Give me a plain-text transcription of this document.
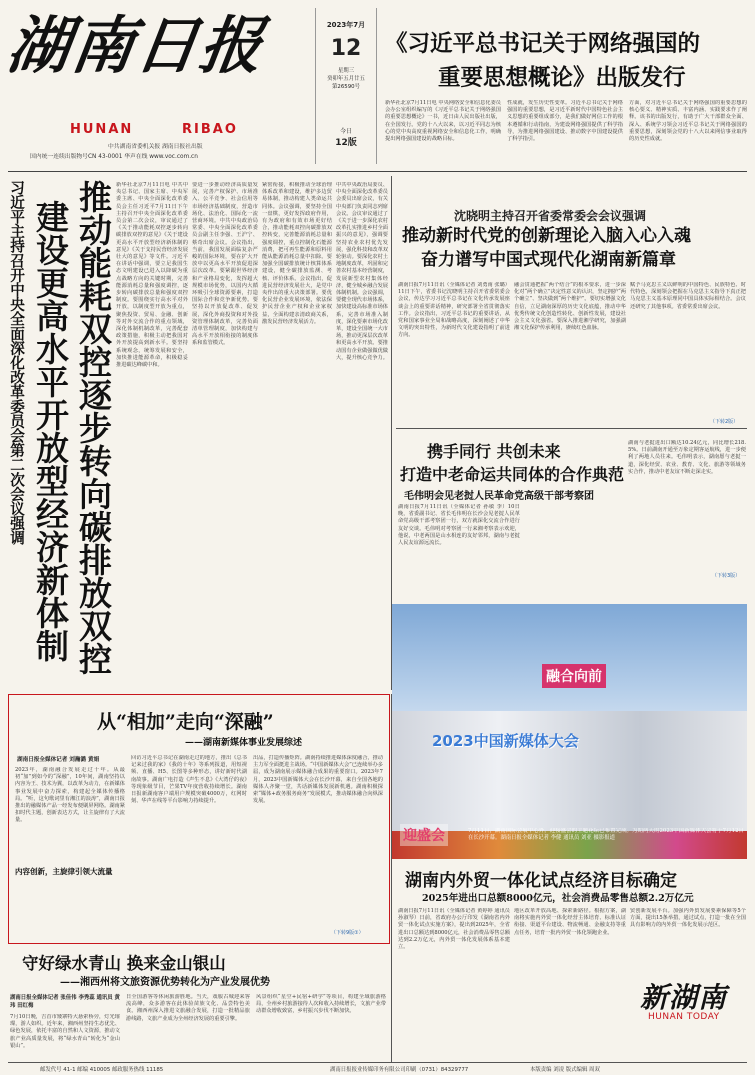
湖南日报
HUNAN	RIBAO
中共湖南省委机关报 湖南日报社出版
国内统一连续出版物号CN 43-0001 华声在线 www.voc.com.cn
2023年7月
12
星期三
癸卯年五月廿五
第26590号
今日
12版
《习近平总书记关于网络强国的
重要思想概论》出版发行
新华社北京7月11日电 中央网络安全和信息化委员会办公室组织编写的《习近平总书记关于网络强国的重要思想概论》一书，近日由人民出版社出版，在全国发行。党的十八大以来，以习近平同志为核心的党中央高度重视网络安全和信息化工作，明确提出网络强国建设的战略目标。
性成就，发生历史性变革。习近平总书记关于网络强国的重要思想，是习近平新时代中国特色社会主义思想的重要组成部分，是我们做好网信工作的根本遵循和行动指南，为建设网络强国提供了科学指导，为推进网络强国建设、推动数字中国建设提供了科学指引。
方面，对习近平总书记关于网络强国的重要思想的核心要义、精神实质、丰富内涵、实践要求作了阐释。该书的出版发行，有助于广大干部群众全面、深入、系统学习领会习近平总书记关于网络强国的重要思想，深刻领会党的十八大以来网信事业取得的历史性成就。
习近平主持召开中央全面深化改革委员会第二次会议强调 推动能耗双控逐步转向碳排放双控
建设更高水平开放型经济新体制
新华社北京7月11日电 中共中央总书记、国家主席、中央军委主席、中央全面深化改革委员会主任习近平7月11日下午主持召开中央全面深化改革委员会第二次会议，审议通过了《关于推动能耗双控逐步转向碳排放双控的意见》《关于建设更高水平开放型经济新体制的意见》《关于支持民营经济发展壮大的意见》等文件。习近平在讲话中强调，要立足我国生态文明建设已进入以降碳为重点战略方向的关键时期，完善能源消耗总量和强度调控，逐步转向碳排放总量和强度双控制度。要围绕实行高水平对外开放，以制度型开放为重点，聚焦投资、贸易、金融、创新等对外交流合作的重点领域，深化体制机制改革，完善配套政策措施，积极主动把我国对外开放提高到新水平。要坚持系统观念，统筹发展和安全，加快推进能源革命，积极稳妥推进碳达峰碳中和。
要进一步推动经济高质量发展，完善产权保护、市场准入、公平竞争、社会信用等市场经济基础制度，营造市场化、法治化、国际化一流营商环境。中共中央政治局常委、中央全面深化改革委员会副主任李强、王沪宁、蔡奇出席会议。会议指出，当前，我国发展面临复杂严峻的国际环境，要在扩大开放中以更高水平开放促进深层次改革。要紧跟世界经济和产业格局变化，发挥超大规模市场优势，以国内大循环吸引全球资源要素，打造国际合作和竞争新优势。要坚持以开放促改革、促发展，深化外商投资和对外投资管理体制改革，完善负面清单管理制度，加快构建与高水平开放相衔接的制度体系和监管模式。
紧密衔接，积极推动全球治理体系改革和建设，维护多边贸易体制，推动构建人类命运共同体。会议强调，要坚持全国一盘棋，更好发挥政府作用，有为政府和有效市场更好结合，推动能耗双控向碳排放双控转变，完善能源消耗总量和强度调控，重点控制化石能源消费，把可再生能源和原料用能从能源消耗总量中扣除。要加强全国碳排放统计核算体系建设，健全碳排放监测、考核、评价体系。会议指出，促进民营经济发展壮大，是党中央作出的重大决策部署。要优化民营企业发展环境，依法保护民营企业产权和企业家权益，全面构建亲清政商关系，激发民营经济发展活力。
中共中央政治局委员、中央全面深化改革委员会委员出席会议，有关中央部门负责同志列席会议。会议审议通过了《关于进一步深化农村改革扎实推进乡村全面振兴的意见》，强调要坚持农业农村优先发展，强化科技和改革双轮驱动。要深化农村土地制度改革，巩固和完善农村基本经营制度，发展新型农村集体经济，健全城乡融合发展体制机制。会议强调，要健全现代市场体系，加快建设高标准市场体系，完善市场准入制度，深化要素市场化改革，建设全国统一大市场，推动更深层次改革和更高水平开放。要推动国有企业做强做优做大，提升核心竞争力。
沈晓明主持召开省委常委会会议强调
推动新时代党的创新理论入脑入心入魂
奋力谱写中国式现代化湖南新篇章
湖南日报7月11日讯（全媒体记者 刘勇南 张璐）11日下午，省委书记沈晓明主持召开省委常委会会议，传达学习习近平总书记在文化传承发展座谈会上的重要讲话精神，研究部署全省贯彻落实工作。会议指出，习近平总书记的重要讲话，从党和国家事业全局和战略高度，深刻阐述了中华文明的突出特性，为新时代文化建设指明了前进方向。
融会贯通把握“两个结合”的根本要求，进一步深化对“两个确立”决定性意义的认识，坚定拥护“两个确立”、坚决做到“两个维护”。要切实增强文化自信，立足湖南深厚的历史文化底蕴，推动中华优秀传统文化创造性转化、创新性发展，建设社会主义文化强省。要深入推进湘学研究，加强湖湘文化保护传承利用，赓续红色血脉。
赋予马克思主义以鲜明的中国特色、民族特色、时代特色，深刻领会把握在马克思主义指导下真正把马克思主义基本原理同中国具体实际相结合。会议还研究了其他事项。省委常委出席会议。
（下转2版）
携手同行 共创未来
打造中老命运共同体的合作典范
毛伟明会见老挝人民革命党高级干部考察团
湖南日报7月11日讯（全媒体记者 孙敏 李）10日晚，省委副书记、省长毛伟明在长沙会见老挝人民革命党高级干部考察团一行，双方就深化交流合作进行友好交谈。毛伟明对考察团一行来湘考察表示欢迎，他说，中老两国是山水相连的友好邻邦，湖南与老挝人民友谊源远流长。
湖南与老挝进出口额达10.24亿元，同比增长218.5%。日前湖南开通至万象定期客运航线，进一步便利了两地人员往来。毛伟明表示，湖南愿与老挝一道，深化经贸、农业、教育、文化、旅游等领域务实合作，推动中老友谊不断走深走实。
（下转3版）
融合向前
2023中国新媒体大会
迎盛会	7月11日，湖南国际会展中心外，迎接盛会的主题花坛已布置完成。为期两天的2023中国新媒体大会将于7月12日在长沙开幕。湖南日报全媒体记者 李健 通讯员 刘亚 摄影报道
湖南内外贸一体化试点经济目标确定
2025年进出口总额8000亿元，社会消费品零售总额2.2万亿元
湖南日报7月11日讯（全媒体记者 黄婷婷 通讯员 孙淑琴）日前，省政府办公厅印发《湖南省内外贸一体化试点实施方案》，提出到2025年，全省进出口总额达到8000亿元，社会消费品零售总额达到2.2万亿元，内外贸一体化发展体系基本建立。
地区改革开放高地、探索新路径。根据方案，湖南将实施内外贸一体化经营主体培育、标准认证衔接、渠道平台建设、物流畅通、金融支持等重点任务，培育一批内外贸一体化领跑企业。
贸创新发展平台。加强内外贸发展要素保障等5个方面，提出15条举措，通过试点，打造一批在全国具有影响力的内外贸一体化发展示范区。
从“相加”走向“深融”
——湖南新媒体事业发展综述
湖南日报全媒体记者 刘瀚潞 黄娟
2023年，湖南融合发展走过十年。从最初“加”到如今的“深融”，10年间，湖南坚持以内容为王、技术为翼，以改革为动力，在新媒体事业发展中奋力探索，构建起全媒体传播格局。“听，这句歌词里有湘江的浪涛”，湖南日报推出的融媒体产品一经发布便刷屏网络。湖南紧扣时代主题，创新表达方式，让主旋律有了大流量。
内容创新，主旋律引领大流量
回访习近平总书记在湖南走过的地方，推出《总书记来过我的家》《我的十年》等系列报道，用短视频、直播、H5、长图等多种形态，讲好新时代湖南故事。湖南广电打造《声生不息》《大湾仔的夜》等现象级节目，芒果TV年度营收持续增长。湖南日报新湖南客户端用户规模突破4000万，红网时刻、华声在线等平台影响力持续提升。
出品，打造传播矩阵。湖南持续推进媒体深度融合，推动主力军全面挺进主战场。“中国新媒体大会”已连续举办多届，成为湖南展示媒体融合成果的重要窗口。2023年7月，2023中国新媒体大会在长沙开幕，来自全国各地的媒体人齐聚一堂，共话新媒体发展新机遇。湖南积极探索“媒体+政务服务商务”发展模式，推动媒体融合向纵深发展。
（下转9版①）
守好绿水青山 换来金山银山
——湘西州将文旅资源优势转化为产业发展优势
湖南日报全媒体记者 张佳伟 李秀蕊 通讯员 黄玮 田红梅
7月10日晚，吉首市矮寨特大悬索桥旁，灯光璀璨，游人如织。近年来，湘西州坚持生态优先、绿色发展，依托丰富的自然和人文资源，推动文旅产业高质量发展，将“绿水青山”转化为“金山银山”。
日全国游客等休闲旅游胜地。当天，戏服古城迎来客流高峰，众多游客在此体验苗族文化、品尝特色美食。湘西州深入推进文旅融合发展，打造一批精品旅游线路，文旅产业成为全州经济发展的重要引擎。
风景组织“星空+民宿+研学”等项目，构建全域旅游格局，全州乡村旅游接待人次和收入持续增长，文旅产业带动群众增收致富，乡村振兴步伐不断加快。	新湖南
HUNAN TODAY
邮发代号 41-1 邮编 410005 邮政服务热线 11185	湖南日报报业传媒印务有限公司印刷（0731）84329777	本版责编 刘凌 版式编辑 周双
